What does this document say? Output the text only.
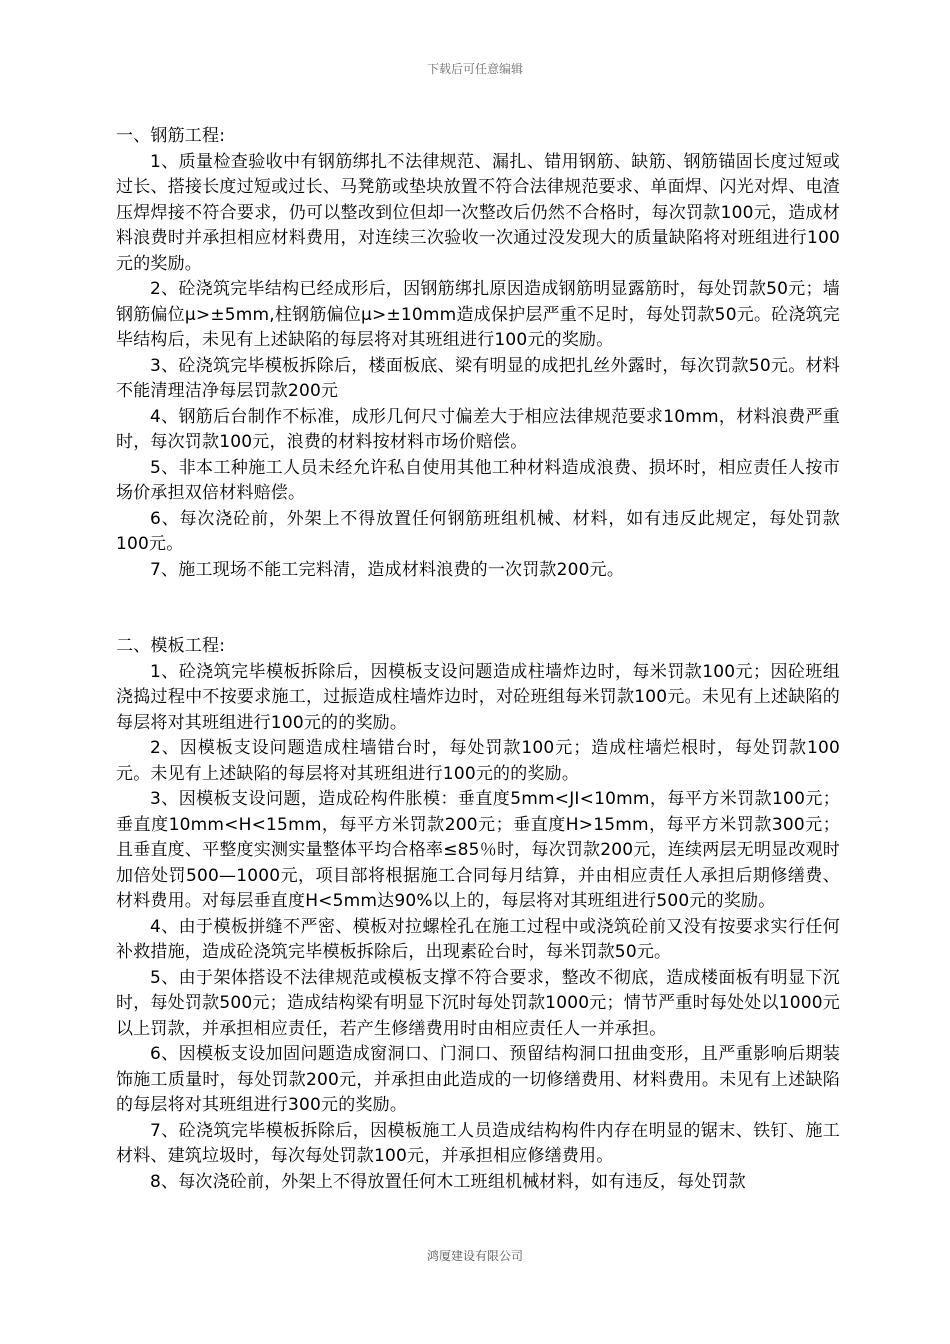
下载后可任意编辑

一、钢筋工程:

1、质量检查验收中有钢筋绑扎不法律规范、漏扎、错用钢筋、缺筋、钢筋锚固长度过短或过长、搭接长度过短或过长、马凳筋或垫块放置不符合法律规范要求、单面焊、闪光对焊、电渣压焊焊接不符合要求，仍可以整改到位但却一次整改后仍然不合格时，每次罚款100元，造成材料浪费时并承担相应材料费用，对连续三次验收一次通过没发现大的质量缺陷将对班组进行100元的奖励。

2、砼浇筑完毕结构已经成形后，因钢筋绑扎原因造成钢筋明显露筋时，每处罚款50元；墙钢筋偏位μ>±5mm,柱钢筋偏位μ>±10mm造成保护层严重不足时，每处罚款50元。砼浇筑完毕结构后，未见有上述缺陷的每层将对其班组进行100元的奖励。

3、砼浇筑完毕模板拆除后，楼面板底、梁有明显的成把扎丝外露时，每次罚款50元。材料不能清理洁净每层罚款200元

4、钢筋后台制作不标准，成形几何尺寸偏差大于相应法律规范要求10mm，材料浪费严重时，每次罚款100元，浪费的材料按材料市场价赔偿。

5、非本工种施工人员未经允许私自使用其他工种材料造成浪费、损坏时，相应责任人按市场价承担双倍材料赔偿。

6、每次浇砼前，外架上不得放置任何钢筋班组机械、材料，如有违反此规定，每处罚款100元。

7、施工现场不能工完料清，造成材料浪费的一次罚款200元。

二、模板工程:

1、砼浇筑完毕模板拆除后，因模板支设问题造成柱墙炸边时，每米罚款100元；因砼班组浇捣过程中不按要求施工，过振造成柱墙炸边时，对砼班组每米罚款100元。未见有上述缺陷的每层将对其班组进行100元的的奖励。

2、因模板支设问题造成柱墙错台时，每处罚款100元；造成柱墙烂根时，每处罚款100元。未见有上述缺陷的每层将对其班组进行100元的的奖励。

3、因模板支设问题，造成砼构件胀模：垂直度5mm<JI<10mm，每平方米罚款100元；垂直度10mm<H<15mm，每平方米罚款200元；垂直度H>15mm，每平方米罚款300元；且垂直度、平整度实测实量整体平均合格率≤85％时，每次罚款200元，连续两层无明显改观时加倍处罚500—1000元，项目部将根据施工合同每月结算，并由相应责任人承担后期修缮费、材料费用。对每层垂直度H<5mm达90%以上的，每层将对其班组进行500元的奖励。

4、由于模板拼缝不严密、模板对拉螺栓孔在施工过程中或浇筑砼前又没有按要求实行任何补救措施，造成砼浇筑完毕模板拆除后，出现素砼台时，每米罚款50元。

5、由于架体搭设不法律规范或模板支撑不符合要求，整改不彻底，造成楼面板有明显下沉时，每处罚款500元；造成结构梁有明显下沉时每处罚款1000元；情节严重时每处处以1000元以上罚款，并承担相应责任，若产生修缮费用时由相应责任人一并承担。

6、因模板支设加固问题造成窗洞口、门洞口、预留结构洞口扭曲变形，且严重影响后期装饰施工质量时，每处罚款200元，并承担由此造成的一切修缮费用、材料费用。未见有上述缺陷的每层将对其班组进行300元的奖励。

7、砼浇筑完毕模板拆除后，因模板施工人员造成结构构件内存在明显的锯末、铁钉、施工材料、建筑垃圾时，每次每处罚款100元，并承担相应修缮费用。

8、每次浇砼前，外架上不得放置任何木工班组机械材料，如有违反，每处罚款

鸿厦建设有限公司
